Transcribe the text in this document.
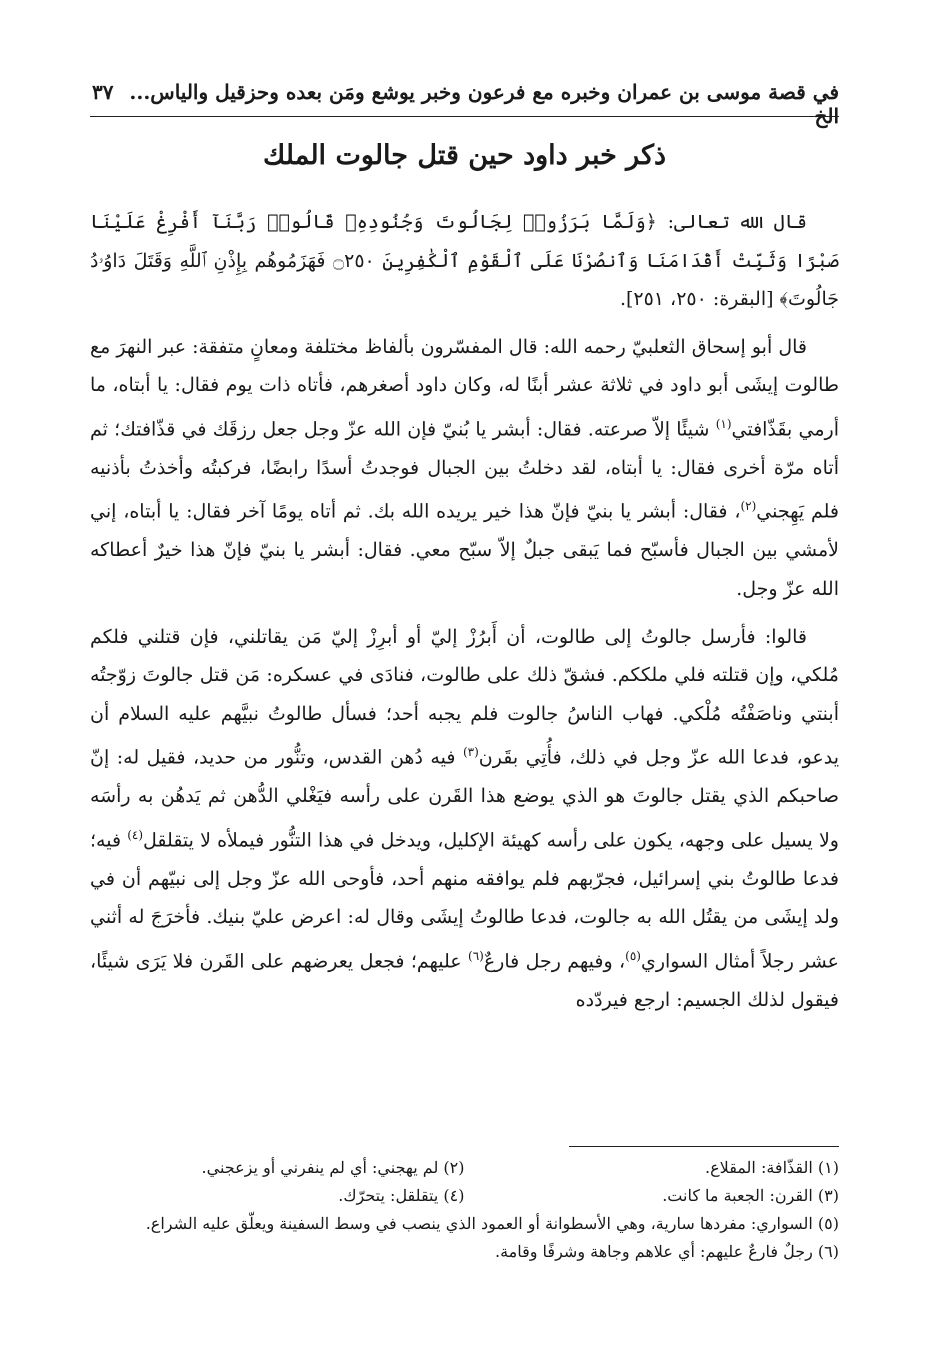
في قصة موسى بن عمران وخبره مع فرعون وخبر يوشع ومَن بعده وحزقيل والياس... الخ
٣٧
ذكر خبر داود حين قتل جالوت الملك

قال الله تعالى: ﴿وَلَمَّا بَرَزُوا۟ لِجَالُوتَ وَجُنُودِهِۦ قَالُوا۟ رَبَّنَآ أَفْرِغْ عَلَيْنَا صَبْرًا وَثَبِّتْ أَقْدَامَنَا وَٱنصُرْنَا عَلَى ٱلْقَوْمِ ٱلْكَٰفِرِينَ ۝٢٥٠ فَهَزَمُوهُم بِإِذْنِ ٱللَّهِ وَقَتَلَ دَاوُۥدُ جَالُوتَ﴾ [البقرة: ٢٥٠، ٢٥١].

قال أبو إسحاق الثعلبيّ رحمه الله: قال المفسّرون بألفاظ مختلفة ومعانٍ متفقة: عبر النهرَ مع طالوت إيشَى أبو داود في ثلاثة عشر أبنًا له، وكان داود أصغرهم، فأتاه ذات يوم فقال: يا أبتاه، ما أرمي بقَذّافتي$^{(١)}$ شيئًا إلاّ صرعته. فقال: أبشر يا بُنيّ فإن الله عزّ وجل جعل رزقَك في قذّافتك؛ ثم أتاه مرّة أخرى فقال: يا أبتاه، لقد دخلتُ بين الجبال فوجدتُ أسدًا رابضًا، فركبتُه وأخذتُ بأذنيه فلم يَهِجني$^{(٢)}$، فقال: أبشر يا بنيّ فإنّ هذا خير يريده الله بك. ثم أتاه يومًا آخر فقال: يا أبتاه، إني لأمشي بين الجبال فأسبّح فما يَبقى جبلٌ إلاّ سبّح معي. فقال: أبشر يا بنيّ فإنّ هذا خيرٌ أعطاكه الله عزّ وجل.

قالوا: فأرسل جالوتُ إلى طالوت، أن أَبرُزْ إليّ أو أبرِزْ إليّ مَن يقاتلني، فإن قتلني فلكم مُلكي، وإن قتلته فلي ملككم. فشقّ ذلك على طالوت، فنادَى في عسكره: مَن قتل جالوتَ زوّجتُه أبنتي وناصَفْتُه مُلْكي. فهاب الناسُ جالوت فلم يجبه أحد؛ فسأل طالوتُ نبيَّهم عليه السلام أن يدعو، فدعا الله عزّ وجل في ذلك، فأُتِي بقَرن$^{(٣)}$ فيه دُهن القدس، وتنُّور من حديد، فقيل له: إنّ صاحبكم الذي يقتل جالوتَ هو الذي يوضع هذا القَرن على رأسه فيَغْلي الدُّهن ثم يَدهُن به رأسَه ولا يسيل على وجهه، يكون على رأسه كهيئة الإكليل، ويدخل في هذا التنُّور فيملأه لا يتقلقل$^{(٤)}$ فيه؛ فدعا طالوتُ بني إسرائيل، فجرّبهم فلم يوافقه منهم أحد، فأوحى الله عزّ وجل إلى نبيّهم أن في ولد إيشَى من يقتُل الله به جالوت، فدعا طالوتُ إيشَى وقال له: اعرض عليّ بنيك. فأخرَجَ له أثني عشر رجلاً أمثال السواري$^{(٥)}$، وفيهم رجل فارعٌ$^{(٦)}$ عليهم؛ فجعل يعرضهم على القَرن فلا يَرَى شيئًا، فيقول لذلك الجسيم: ارجع فيردّده

(١) القذّافة: المقلاع.
(٢) لم يهجني: أي لم ينفرني أو يزعجني.
(٣) القرن: الجعبة ما كانت.
(٤) يتقلقل: يتحرّك.
(٥) السواري: مفردها سارية، وهي الأسطوانة أو العمود الذي ينصب في وسط السفينة ويعلّق عليه الشراع.
(٦) رجلٌ فارعٌ عليهم: أي علاهم وجاهة وشرفًا وقامة.
